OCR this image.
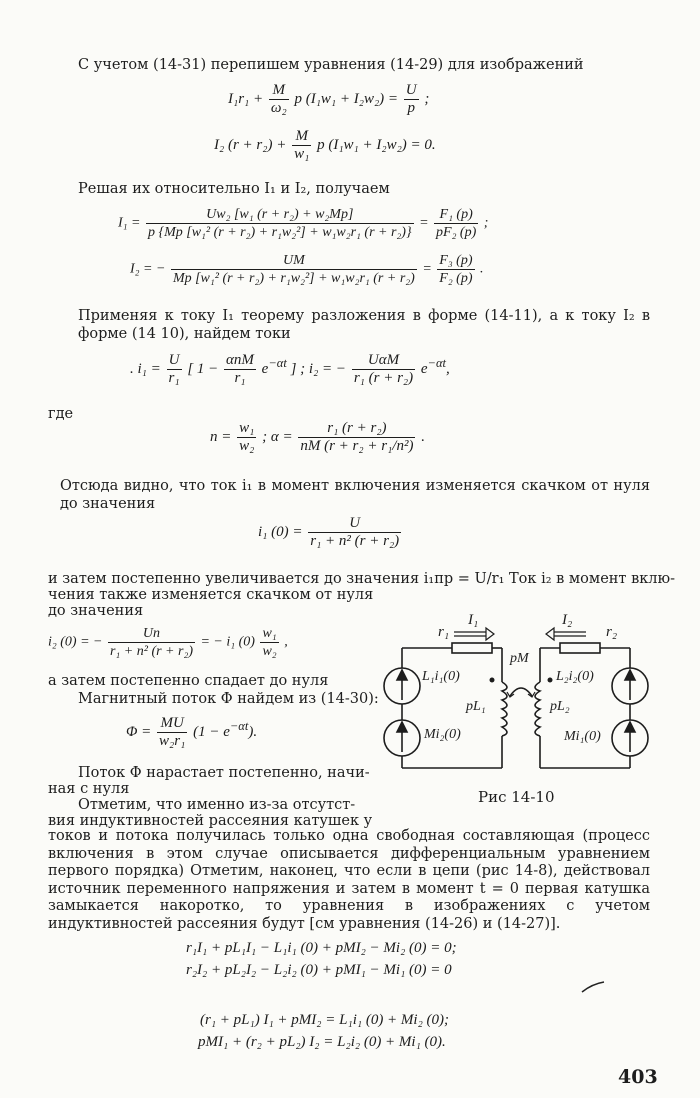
С учетом (14-31) перепишем уравнения (14-29) для изображений
$I_1r_1 + \frac{M}{\text{ω₂}}$ p $(I_1w_1 + I_2w_2) = \frac{U}{p}$ ;
I₂ $(r + r_2) + \frac{M}{\text{w₁}}$ p (I₁w₁ + I₂w₂) = 0.
Решая их относительно I₁ и I₂, получаем
$I_1 = \frac{\text{Uw₂ [w₁ (r + r₂) + w₂Mp]}}{\text{p \{Mp [w₁² (r + r₂) + r₁w₂²] + w₁w₂r₁ (r + r₂)\}}} = \frac{\text{F₁ (p)}}{\text{pF₂ (p)}}$ ;
I₂ = − $\frac{UM}{\text{Mp [w₁² (r + r₂) + r₁w₂²] + w₁w₂r₁ (r + r₂)}} = \frac{\text{F₃ (p)}}{\text{F₂ (p)}}$ .
Применяя к току I₁ теорему разложения в форме (14-11), а к току I₂ в форме (14 10), найдем токи
. $i_1 = \frac{U}{\text{r₁}}$ [ $1 - \frac{\text{αnM}}{\text{r₁}} e^{-\alpha t}$ ] ; i₂ = − $\frac{\text{UαM}}{\text{r₁ (r + r₂)}} e^{-\alpha t}$,
где
$n = \frac{\text{w₁}}{\text{w₂}}$ ; $\alpha = \frac{\text{r₁ (r + r₂)}}{\text{nM (r + r₂ + r₁/n²)}}$ .
Отсюда видно, что ток i₁ в момент включения изменяется скачком от нуля до значения
i₁ $(0) = \frac{U}{\text{r₁ + n² (r + r₂)}}$
и затем постепенно увеличивается до значения i₁пр = U/r₁ Ток i₂ в момент вклю-
чения также изменяется скачком от нуля
до значения
i₂ (0) = − $\frac{Un}{\text{r₁ + n² (r + r₂)}}$ = − i₁ $(0) \frac{\text{w₁}}{\text{w₂}}$ ,
а затем постепенно спадает до нуля
Магнитный поток Φ найдем из (14-30):
$\Phi = \frac{MU}{\text{w₂r₁}} (1 - e^{-\alpha t})$.
Поток Φ нарастает постепенно, начи-
ная с нуля
Отметим, что именно из-за отсутст-
вия индуктивностей рассеяния катушек у
токов и потока получилась только одна свободная составляющая (процесс включения в этом случае описывается дифференциальным уравнением первого порядка) Отметим, наконец, что если в цепи (рис 14-8), действовал источник переменного напряжения и затем в момент t = 0 первая катушка замыкается накоротко, то уравнения в изображениях с учетом индуктивностей рассеяния будут [см уравнения (14-26) и (14-27)].
r₁I₁ + pL₁I₁ − L₁i₁ (0) + pMI₂ − Mi₂ (0) = 0;
r₂I₂ + pL₂I₂ − L₂i₂ (0) + pMI₁ − Mi₁ (0) = 0
(r₁ + pL₁) I₁ + pMI₂ = L₁i₁ (0) + Mi₂ (0);
pMI₁ + (r₂ + pL₂) I₂ = L₂i₂ (0) + Mi₁ (0).
I₁	I₂
r₁	r₂
pM
L₁i₁(0)
Mi₂(0)
pL₁	pL₂
L₂i₂(0)
Mi₁(0)
Рис 14-10
403
